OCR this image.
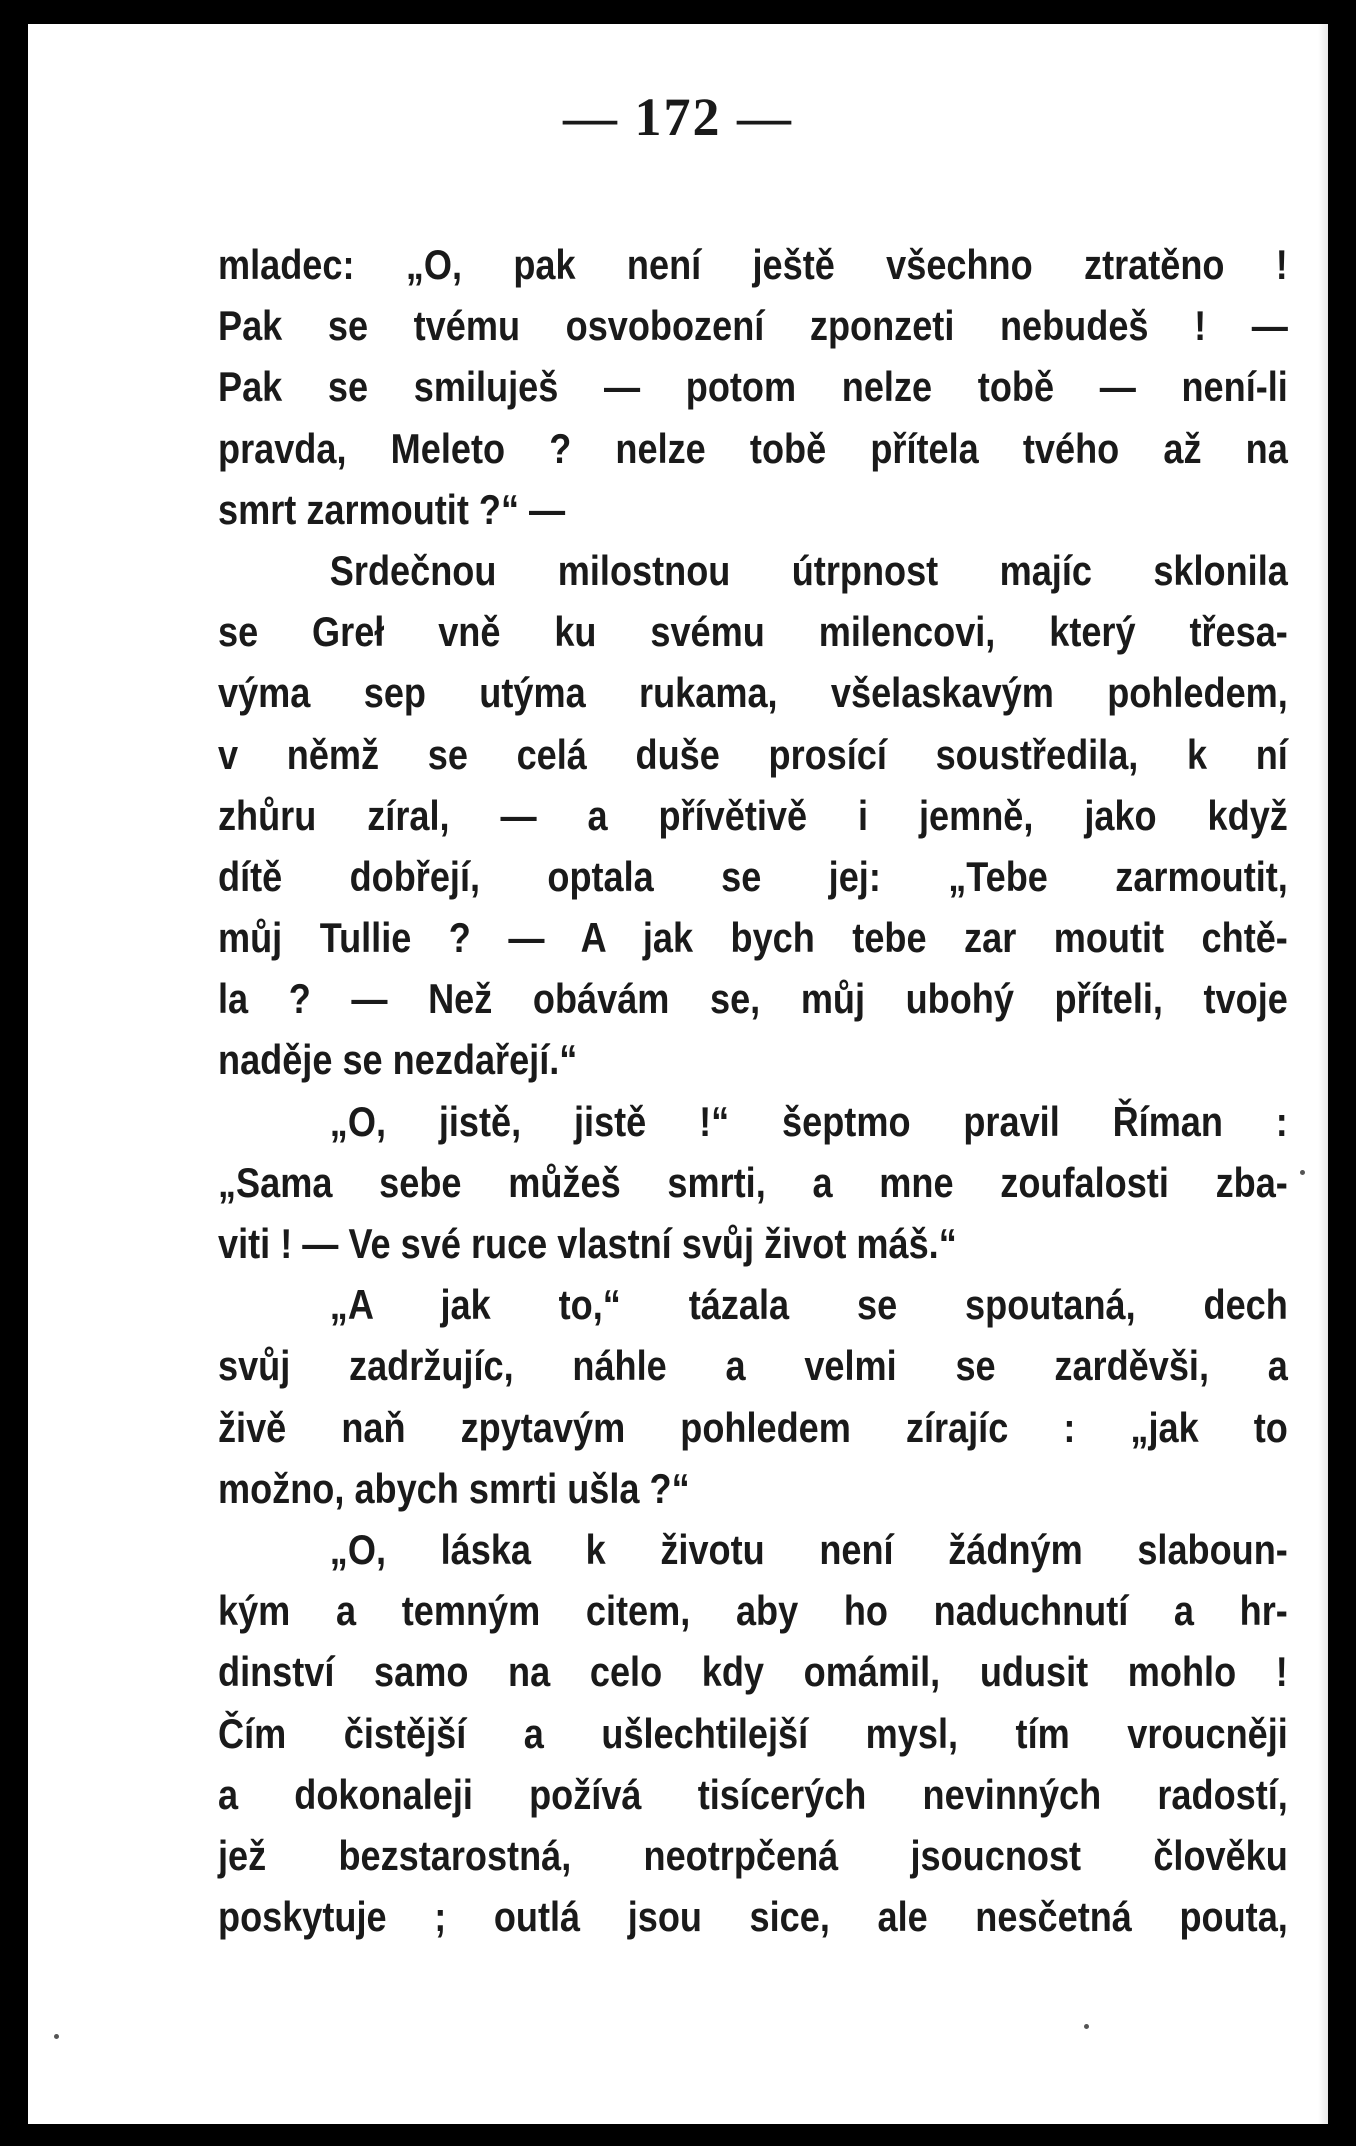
— 172 —
mladec: „O, pak není ještě všechno ztratěno !
Pak se tvému osvobození zponzeti nebudeš ! —
Pak se smiluješ — potom nelze tobě — není-li
pravda, Meleto ? nelze tobě přítela tvého až na
smrt zarmoutit ?“ —
Srdečnou milostnou útrpnost majíc sklonila
se Greł vně ku svému milencovi, který třesa-
výma sep utýma rukama, všelaskavým pohledem,
v němž se celá duše prosící soustředila, k ní
zhůru zíral, — a přívětivě i jemně, jako když
dítě dobřejí, optala se jej: „Tebe zarmoutit,
můj Tullie ? — A jak bych tebe zar moutit chtě-
la ? — Než obávám se, můj ubohý příteli, tvoje
naděje se nezdařejí.“
„O, jistě, jistě !“ šeptmo pravil Říman :
„Sama sebe můžeš smrti, a mne zoufalosti zba-
viti ! — Ve své ruce vlastní svůj život máš.“
„A jak to,“ tázala se spoutaná, dech
svůj zadržujíc, náhle a velmi se zarděvši, a
živě naň zpytavým pohledem zírajíc : „jak to
možno, abych smrti ušla ?“
„O, láska k životu není žádným slaboun-
kým a temným citem, aby ho naduchnutí a hr-
dinství samo na celo kdy omámil, udusit mohlo !
Čím čistější a ušlechtilejší mysl, tím vroucněji
a dokonaleji požívá tisícerých nevinných radostí,
jež bezstarostná, neotrpčená jsoucnost člověku
poskytuje ; outlá jsou sice, ale nesčetná pouta,
